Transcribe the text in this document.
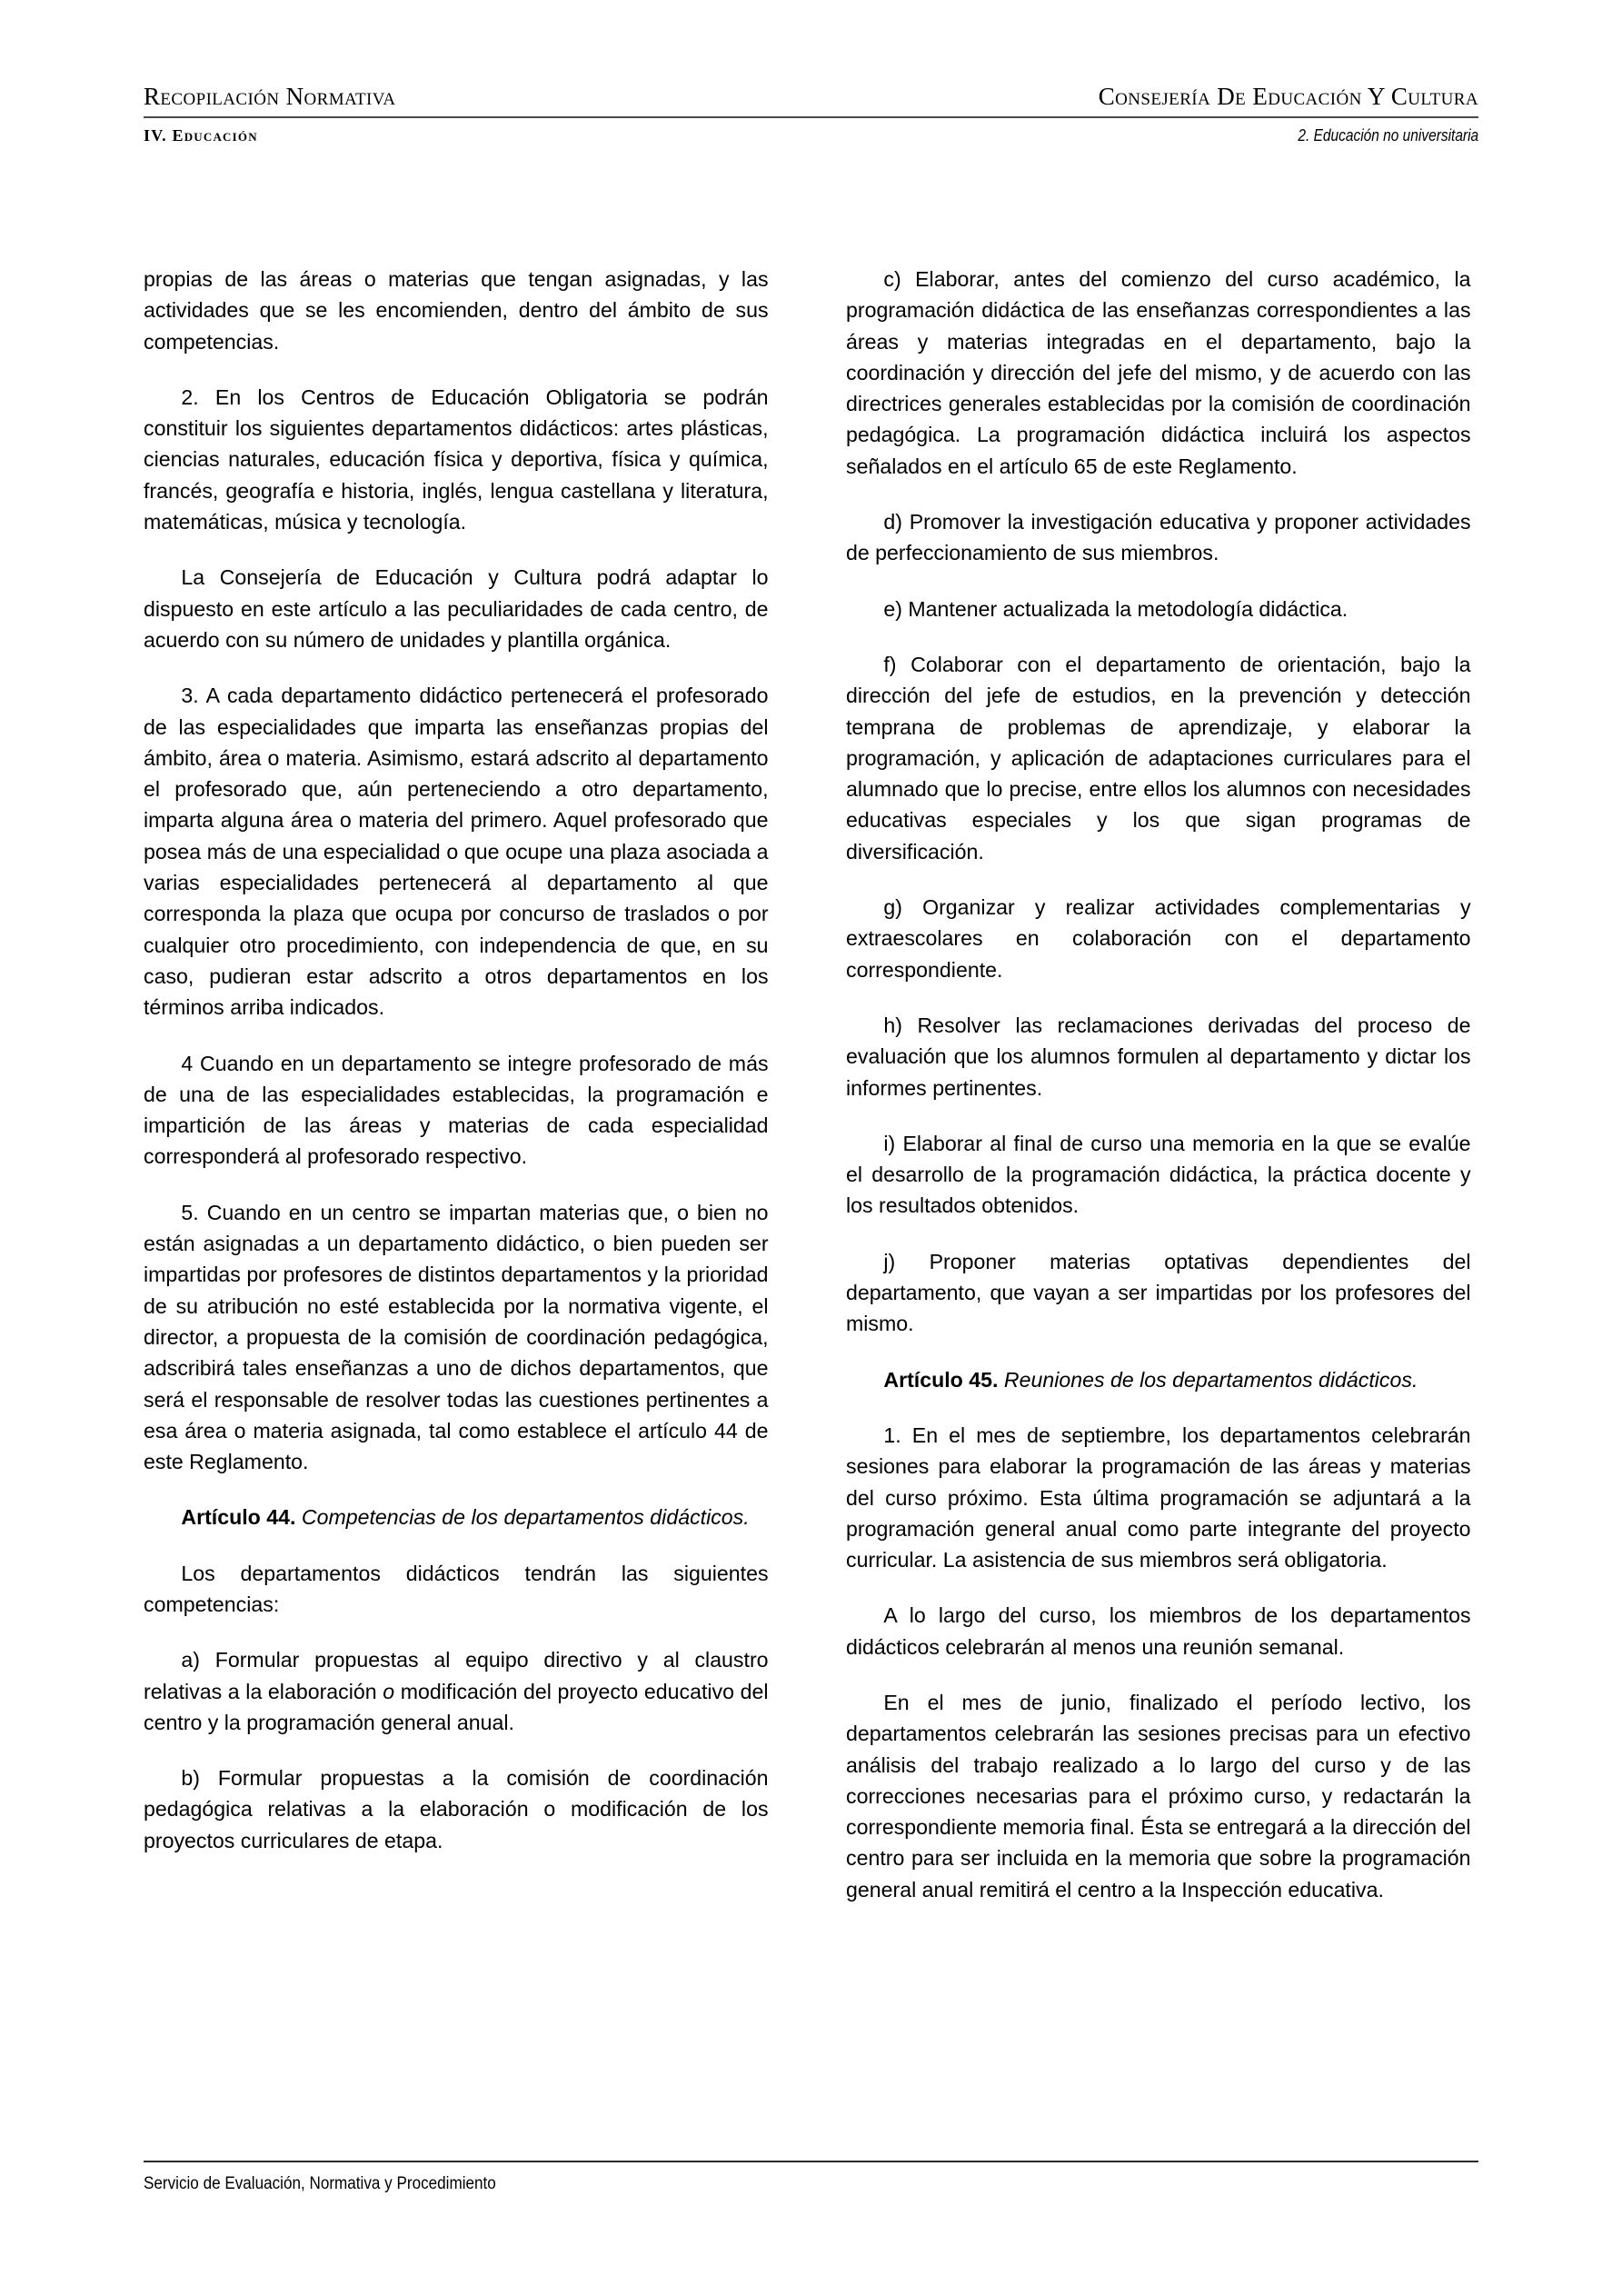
Recopilación Normativa	Consejería De Educación Y Cultura
IV. Educación	2. Educación no universitaria

propias de las áreas o materias que tengan asignadas, y las actividades que se les encomienden, dentro del ámbito de sus competencias.

2. En los Centros de Educación Obligatoria se podrán constituir los siguientes departamentos didácticos: artes plásticas, ciencias naturales, educación física y deportiva, física y química, francés, geografía e historia, inglés, lengua castellana y literatura, matemáticas, música y tecnología.

La Consejería de Educación y Cultura podrá adaptar lo dispuesto en este artículo a las peculiaridades de cada centro, de acuerdo con su número de unidades y plantilla orgánica.

3. A cada departamento didáctico pertenecerá el profesorado de las especialidades que imparta las enseñanzas propias del ámbito, área o materia. Asimismo, estará adscrito al departamento el profesorado que, aún perteneciendo a otro departamento, imparta alguna área o materia del primero. Aquel profesorado que posea más de una especialidad o que ocupe una plaza asociada a varias especialidades pertenecerá al departamento al que corresponda la plaza que ocupa por concurso de traslados o por cualquier otro procedimiento, con independencia de que, en su caso, pudieran estar adscrito a otros departamentos en los términos arriba indicados.

4 Cuando en un departamento se integre profesorado de más de una de las especialidades establecidas, la programación e impartición de las áreas y materias de cada especialidad corresponderá al profesorado respectivo.

5. Cuando en un centro se impartan materias que, o bien no están asignadas a un departamento didáctico, o bien pueden ser impartidas por profesores de distintos departamentos y la prioridad de su atribución no esté establecida por la normativa vigente, el director, a propuesta de la comisión de coordinación pedagógica, adscribirá tales enseñanzas a uno de dichos departamentos, que será el responsable de resolver todas las cuestiones pertinentes a esa área o materia asignada, tal como establece el artículo 44 de este Reglamento.

Artículo 44. Competencias de los departamentos didácticos.

Los departamentos didácticos tendrán las siguientes competencias:

a) Formular propuestas al equipo directivo y al claustro relativas a la elaboración o modificación del proyecto educativo del centro y la programación general anual.

b) Formular propuestas a la comisión de coordinación pedagógica relativas a la elaboración o modificación de los proyectos curriculares de etapa.

c) Elaborar, antes del comienzo del curso académico, la programación didáctica de las enseñanzas correspondientes a las áreas y materias integradas en el departamento, bajo la coordinación y dirección del jefe del mismo, y de acuerdo con las directrices generales establecidas por la comisión de coordinación pedagógica. La programación didáctica incluirá los aspectos señalados en el artículo 65 de este Reglamento.

d) Promover la investigación educativa y proponer actividades de perfeccionamiento de sus miembros.

e) Mantener actualizada la metodología didáctica.

f) Colaborar con el departamento de orientación, bajo la dirección del jefe de estudios, en la prevención y detección temprana de problemas de aprendizaje, y elaborar la programación, y aplicación de adaptaciones curriculares para el alumnado que lo precise, entre ellos los alumnos con necesidades educativas especiales y los que sigan programas de diversificación.

g) Organizar y realizar actividades complementarias y extraescolares en colaboración con el departamento correspondiente.

h) Resolver las reclamaciones derivadas del proceso de evaluación que los alumnos formulen al departamento y dictar los informes pertinentes.

i) Elaborar al final de curso una memoria en la que se evalúe el desarrollo de la programación didáctica, la práctica docente y los resultados obtenidos.

j) Proponer materias optativas dependientes del departamento, que vayan a ser impartidas por los profesores del mismo.

Artículo 45. Reuniones de los departamentos didácticos.

1. En el mes de septiembre, los departamentos celebrarán sesiones para elaborar la programación de las áreas y materias del curso próximo. Esta última programación se adjuntará a la programación general anual como parte integrante del proyecto curricular. La asistencia de sus miembros será obligatoria.

A lo largo del curso, los miembros de los departamentos didácticos celebrarán al menos una reunión semanal.

En el mes de junio, finalizado el período lectivo, los departamentos celebrarán las sesiones precisas para un efectivo análisis del trabajo realizado a lo largo del curso y de las correcciones necesarias para el próximo curso, y redactarán la correspondiente memoria final. Ésta se entregará a la dirección del centro para ser incluida en la memoria que sobre la programación general anual remitirá el centro a la Inspección educativa.

Servicio de Evaluación, Normativa y Procedimiento
